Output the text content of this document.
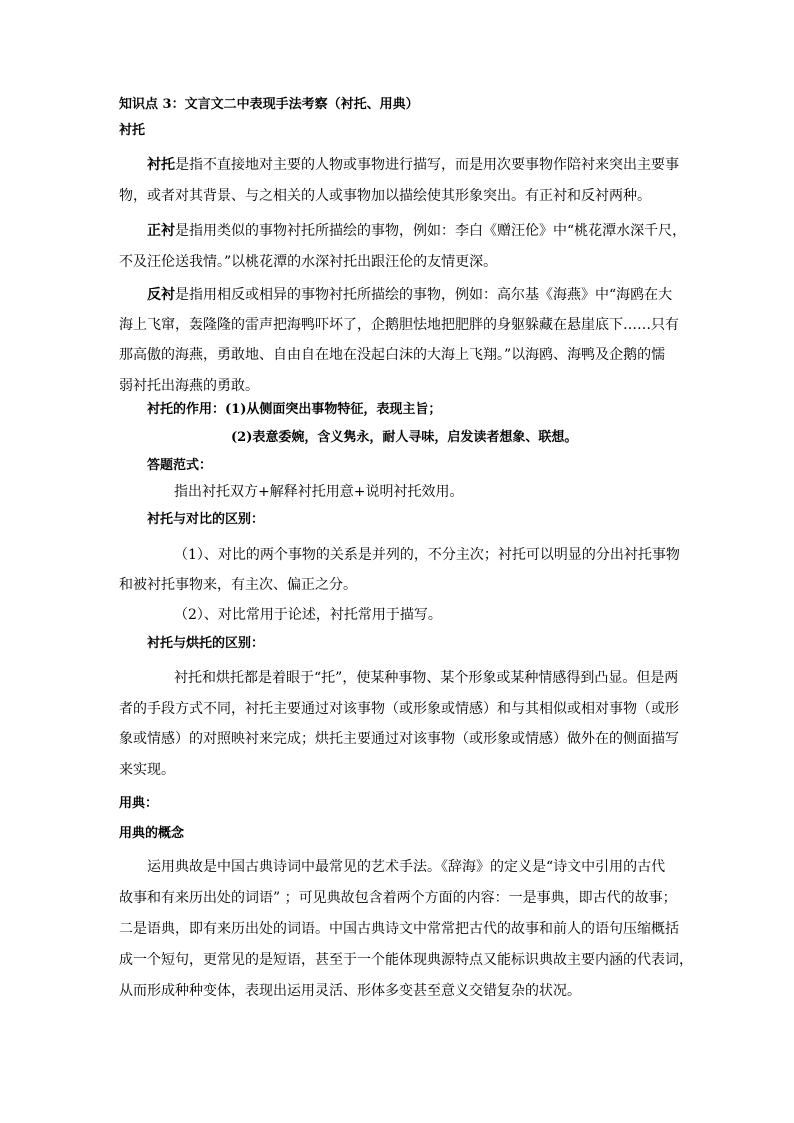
知识点 3：文言文二中表现手法考察（衬托、用典）
衬托
衬托是指不直接地对主要的人物或事物进行描写，而是用次要事物作陪衬来突出主要事
物，或者对其背景、与之相关的人或事物加以描绘使其形象突出。有正衬和反衬两种。
正衬是指用类似的事物衬托所描绘的事物，例如：李白《赠汪伦》中“桃花潭水深千尺，
不及汪伦送我情。”以桃花潭的水深衬托出跟汪伦的友情更深。
反衬是指用相反或相异的事物衬托所描绘的事物，例如：高尔基《海燕》中“海鸥在大
海上飞窜，轰隆隆的雷声把海鸭吓坏了，企鹅胆怯地把肥胖的身躯躲藏在悬崖底下……只有
那高傲的海燕，勇敢地、自由自在地在没起白沫的大海上飞翔。”以海鸥、海鸭及企鹅的懦
弱衬托出海燕的勇敢。
衬托的作用：(1)从侧面突出事物特征，表现主旨；
(2)表意委婉，含义隽永，耐人寻味，启发读者想象、联想。
答题范式：
指出衬托双方+解释衬托用意+说明衬托效用。
衬托与对比的区别：
（1）、对比的两个事物的关系是并列的，不分主次；衬托可以明显的分出衬托事物
和被衬托事物来，有主次、偏正之分。
（2）、对比常用于论述，衬托常用于描写。
衬托与烘托的区别：
衬托和烘托都是着眼于“托”，使某种事物、某个形象或某种情感得到凸显。但是两
者的手段方式不同，衬托主要通过对该事物（或形象或情感）和与其相似或相对事物（或形
象或情感）的对照映衬来完成；烘托主要通过对该事物（或形象或情感）做外在的侧面描写
来实现。
用典：
用典的概念
运用典故是中国古典诗词中最常见的艺术手法。《辞海》的定义是“诗文中引用的古代
故事和有来历出处的词语” ；可见典故包含着两个方面的内容：一是事典，即古代的故事；
二是语典，即有来历出处的词语。中国古典诗文中常常把古代的故事和前人的语句压缩概括
成一个短句，更常见的是短语，甚至于一个能体现典源特点又能标识典故主要内涵的代表词，
从而形成种种变体，表现出运用灵活、形体多变甚至意义交错复杂的状况。
